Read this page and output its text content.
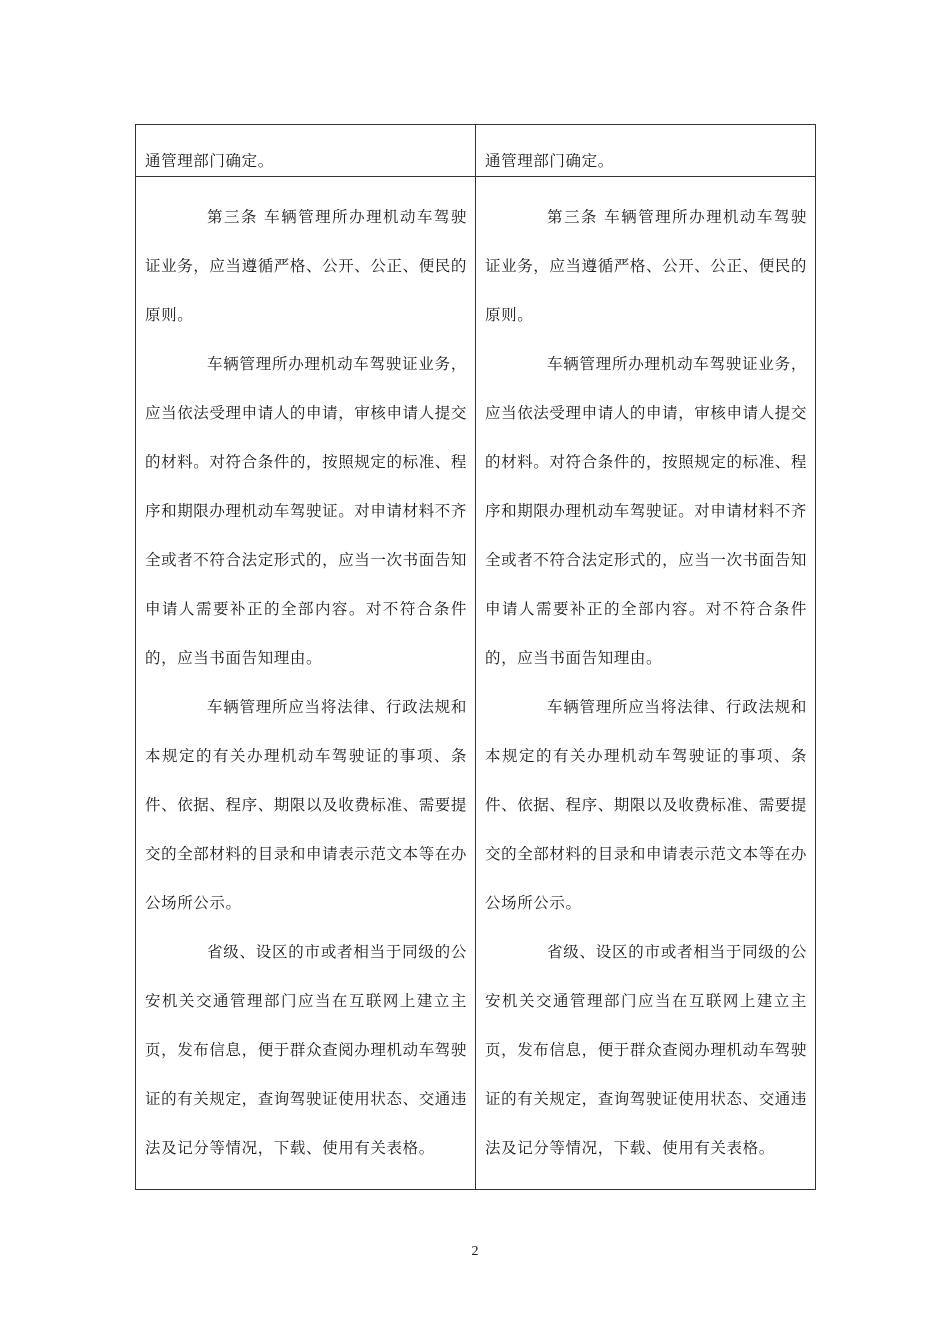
通管理部门确定。	通管理部门确定。

第三条 车辆管理所办理机动车驾驶证业务，应当遵循严格、公开、公正、便民的原则。

车辆管理所办理机动车驾驶证业务，应当依法受理申请人的申请，审核申请人提交的材料。对符合条件的，按照规定的标准、程序和期限办理机动车驾驶证。对申请材料不齐全或者不符合法定形式的，应当一次书面告知申请人需要补正的全部内容。对不符合条件的，应当书面告知理由。

车辆管理所应当将法律、行政法规和本规定的有关办理机动车驾驶证的事项、条件、依据、程序、期限以及收费标准、需要提交的全部材料的目录和申请表示范文本等在办公场所公示。

省级、设区的市或者相当于同级的公安机关交通管理部门应当在互联网上建立主页，发布信息，便于群众查阅办理机动车驾驶证的有关规定，查询驾驶证使用状态、交通违法及记分等情况，下载、使用有关表格。

第三条 车辆管理所办理机动车驾驶证业务，应当遵循严格、公开、公正、便民的原则。

车辆管理所办理机动车驾驶证业务，应当依法受理申请人的申请，审核申请人提交的材料。对符合条件的，按照规定的标准、程序和期限办理机动车驾驶证。对申请材料不齐全或者不符合法定形式的，应当一次书面告知申请人需要补正的全部内容。对不符合条件的，应当书面告知理由。

车辆管理所应当将法律、行政法规和本规定的有关办理机动车驾驶证的事项、条件、依据、程序、期限以及收费标准、需要提交的全部材料的目录和申请表示范文本等在办公场所公示。

省级、设区的市或者相当于同级的公安机关交通管理部门应当在互联网上建立主页，发布信息，便于群众查阅办理机动车驾驶证的有关规定，查询驾驶证使用状态、交通违法及记分等情况，下载、使用有关表格。

2
